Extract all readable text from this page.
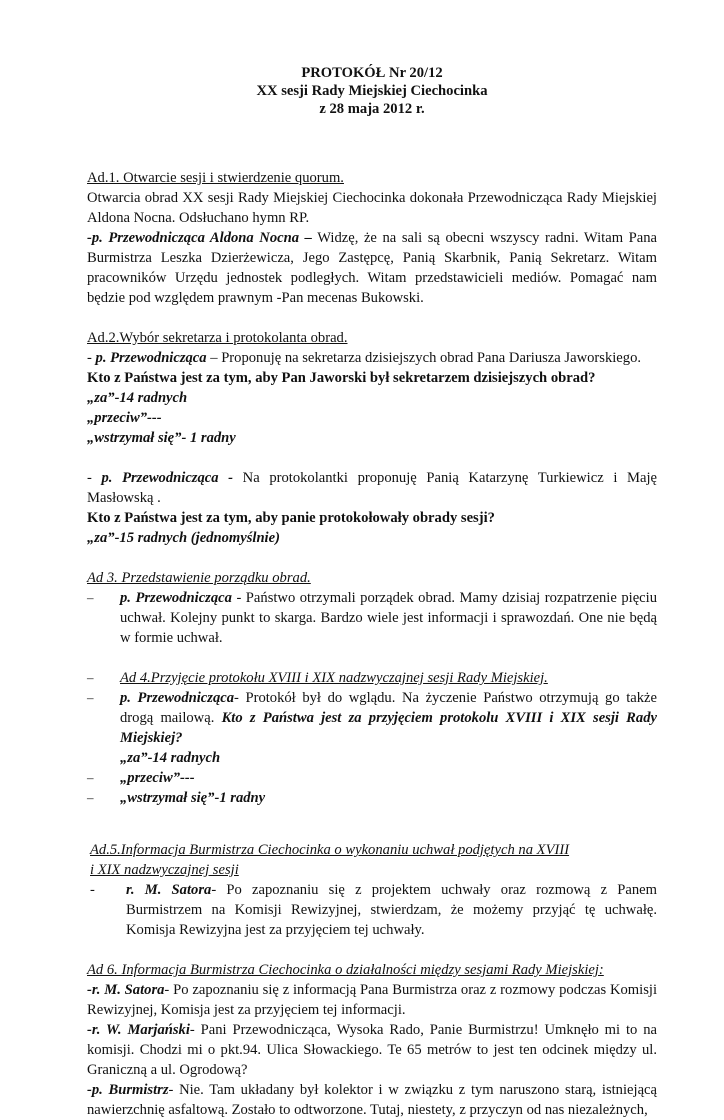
PROTOKÓŁ Nr 20/12
XX sesji Rady Miejskiej Ciechocinka
z 28 maja 2012 r.

Ad.1. Otwarcie sesji i stwierdzenie quorum.

Otwarcia obrad XX sesji Rady Miejskiej Ciechocinka dokonała Przewodnicząca Rady Miejskiej Aldona Nocna. Odsłuchano hymn RP.

-p. Przewodnicząca Aldona Nocna – Widzę, że na sali są obecni wszyscy radni. Witam Pana Burmistrza Leszka Dzierżewicza, Jego Zastępcę, Panią Skarbnik, Panią Sekretarz. Witam pracowników Urzędu jednostek podległych. Witam przedstawicieli mediów. Pomagać nam będzie pod względem prawnym -Pan mecenas Bukowski.

Ad.2.Wybór sekretarza i protokolanta obrad.

- p. Przewodnicząca – Proponuję na sekretarza dzisiejszych obrad Pana Dariusza Jaworskiego.

Kto z Państwa jest za tym, aby Pan Jaworski był sekretarzem dzisiejszych obrad?

„za”-14 radnych

„przeciw”---

„wstrzymał się”- 1 radny

- p. Przewodnicząca - Na protokolantki proponuję Panią Katarzynę Turkiewicz i Maję Masłowską .

Kto z Państwa jest za tym, aby panie protokołowały obrady sesji?

„za”-15 radnych (jednomyślnie)

Ad 3. Przedstawienie porządku obrad.

– p. Przewodnicząca - Państwo otrzymali porządek obrad. Mamy dzisiaj rozpatrzenie pięciu uchwał. Kolejny punkt to skarga. Bardzo wiele jest informacji i sprawozdań. One nie będą w formie uchwał.
– Ad 4.Przyjęcie protokołu XVIII i XIX nadzwyczajnej sesji Rady Miejskiej.
– p. Przewodnicząca- Protokół był do wglądu. Na życzenie Państwo otrzymują go także drogą mailową. Kto z Państwa jest za przyjęciem protokolu XVIII i XIX sesji Rady Miejskiej?

„za”-14 radnych

– „przeciw”---
– „wstrzymał się”-1 radny

Ad.5.Informacja Burmistrza Ciechocinka o wykonaniu uchwał podjętych na XVIII

i XIX nadzwyczajnej sesji

- r. M. Satora- Po zapoznaniu się z projektem uchwały oraz rozmową z Panem Burmistrzem na Komisji Rewizyjnej, stwierdzam, że możemy przyjąć tę uchwałę. Komisja Rewizyjna jest za przyjęciem tej uchwały.

Ad 6. Informacja Burmistrza Ciechocinka o działalności między sesjami Rady Miejskiej:

-r. M. Satora- Po zapoznaniu się z informacją Pana Burmistrza oraz z rozmowy podczas Komisji Rewizyjnej, Komisja jest za przyjęciem tej informacji.

-r. W. Marjański- Pani Przewodnicząca, Wysoka Rado, Panie Burmistrzu! Umknęło mi to na komisji. Chodzi mi o pkt.94. Ulica Słowackiego. Te 65 metrów to jest ten odcinek między ul. Graniczną a ul. Ogrodową?

-p. Burmistrz- Nie. Tam układany był kolektor i w związku z tym naruszono starą, istniejącą nawierzchnię asfaltową. Zostało to odtworzone. Tutaj, niestety, z przyczyn od nas niezależnych,
